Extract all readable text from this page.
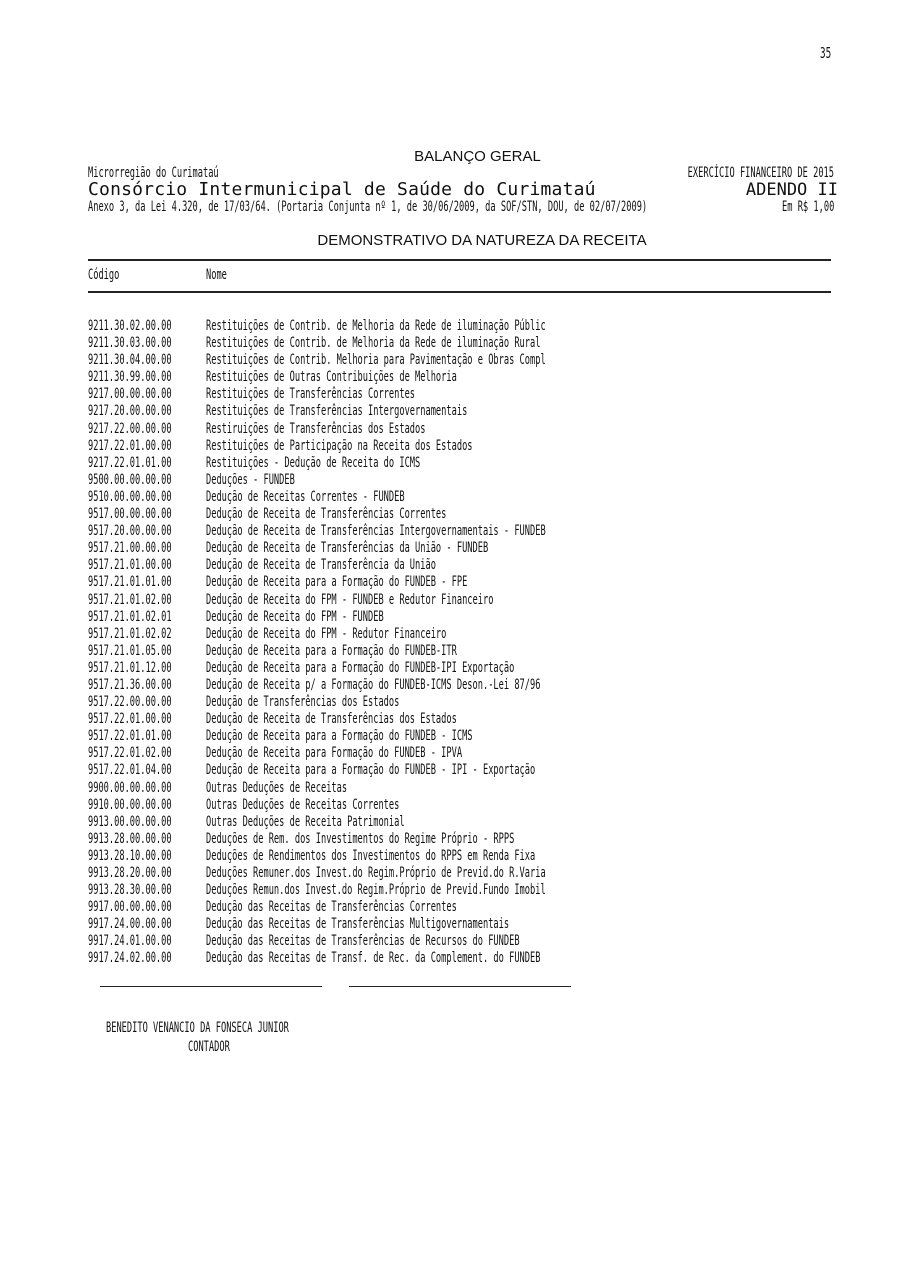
35
BALANÇO GERAL
Microrregião do Curimataú	EXERCÍCIO FINANCEIRO DE 2015
Consórcio Intermunicipal de Saúde do Curimataú	ADENDO II
Anexo 3, da Lei 4.320, de 17/03/64. (Portaria Conjunta nº 1, de 30/06/2009, da SOF/STN, DOU, de 02/07/2009)	Em R$ 1,00
DEMONSTRATIVO DA NATUREZA DA RECEITA
Código	Nome
9211.30.02.00.00 Restituições de Contrib. de Melhoria da Rede de iluminação Públic
9211.30.03.00.00 Restituições de Contrib. de Melhoria da Rede de iluminação Rural
9211.30.04.00.00 Restituições de Contrib. Melhoria para Pavimentação e Obras Compl
9211.30.99.00.00 Restituições de Outras Contribuições de Melhoria
9217.00.00.00.00 Restituições de Transferências Correntes
9217.20.00.00.00 Restituições de Transferências Intergovernamentais
9217.22.00.00.00 Restiruições de Transferências dos Estados
9217.22.01.00.00 Restituições de Participação na Receita dos Estados
9217.22.01.01.00 Restituições - Dedução de Receita do ICMS
9500.00.00.00.00 Deduções - FUNDEB
9510.00.00.00.00 Dedução de Receitas Correntes - FUNDEB
9517.00.00.00.00 Dedução de Receita de Transferências Correntes
9517.20.00.00.00 Dedução de Receita de Transferências Intergovernamentais - FUNDEB
9517.21.00.00.00 Dedução de Receita de Transferências da União - FUNDEB
9517.21.01.00.00 Dedução de Receita de Transferência da União
9517.21.01.01.00 Dedução de Receita para a Formação do FUNDEB - FPE
9517.21.01.02.00 Dedução de Receita do FPM - FUNDEB e Redutor Financeiro
9517.21.01.02.01 Dedução de Receita do FPM - FUNDEB
9517.21.01.02.02 Dedução de Receita do FPM - Redutor Financeiro
9517.21.01.05.00 Dedução de Receita para a Formação do FUNDEB-ITR
9517.21.01.12.00 Dedução de Receita para a Formação do FUNDEB-IPI Exportação
9517.21.36.00.00 Dedução de Receita p/ a Formação do FUNDEB-ICMS Deson.-Lei 87/96
9517.22.00.00.00 Dedução de Transferências dos Estados
9517.22.01.00.00 Dedução de Receita de Transferências dos Estados
9517.22.01.01.00 Dedução de Receita para a Formação do FUNDEB - ICMS
9517.22.01.02.00 Dedução de Receita para Formação do FUNDEB - IPVA
9517.22.01.04.00 Dedução de Receita para a Formação do FUNDEB - IPI - Exportação
9900.00.00.00.00 Outras Deduções de Receitas
9910.00.00.00.00 Outras Deduções de Receitas Correntes
9913.00.00.00.00 Outras Deduções de Receita Patrimonial
9913.28.00.00.00 Deduções de Rem. dos Investimentos do Regime Próprio - RPPS
9913.28.10.00.00 Deduções de Rendimentos dos Investimentos do RPPS em Renda Fixa
9913.28.20.00.00 Deduções Remuner.dos Invest.do Regim.Próprio de Previd.do R.Varia
9913.28.30.00.00 Deduções Remun.dos Invest.do Regim.Próprio de Previd.Fundo Imobil
9917.00.00.00.00 Dedução das Receitas de Transferências Correntes
9917.24.00.00.00 Dedução das Receitas de Transferências Multigovernamentais
9917.24.01.00.00 Dedução das Receitas de Transferências de Recursos do FUNDEB
9917.24.02.00.00 Dedução das Receitas de Transf. de Rec. da Complement. do FUNDEB
BENEDITO VENANCIO DA FONSECA JUNIOR
CONTADOR
